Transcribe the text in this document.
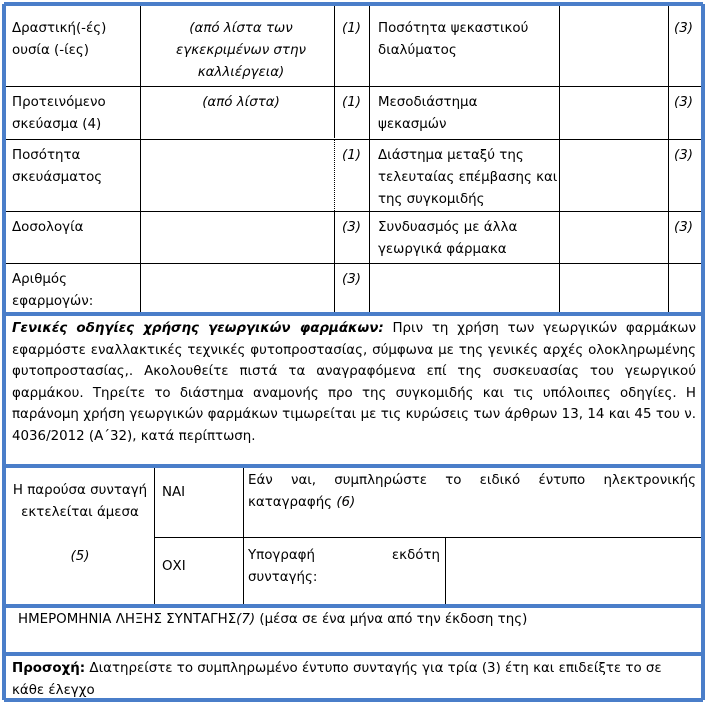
Δραστική(-ές) ουσία (-ίες)
(από λίστα των εγκεκριμένων στην καλλιέργεια)
(1) Ποσότητα ψεκαστικού διαλύματος
(3)
Προτεινόμενο σκεύασμα (4)
(από λίστα)	(1) Μεσοδιάστημα ψεκασμών
(3)
Ποσότητα σκευάσματος
(1) Διάστημα μεταξύ της τελευταίας επέμβασης και της συγκομιδής
(3)
Δοσολογία	(3) Συνδυασμός με άλλα γεωργικά φάρμακα
(3)
Αριθμός εφαρμογών:
(3)
Γενικές οδηγίες χρήσης γεωργικών φαρμάκων: Πριν τη χρήση των γεωργικών φαρμάκων εφαρμόστε εναλλακτικές τεχνικές φυτοπροστασίας, σύμφωνα με της γενικές αρχές ολοκληρωμένης φυτοπροστασίας,. Ακολουθείτε πιστά τα αναγραφόμενα επί της συσκευασίας του γεωργικού φαρμάκου. Τηρείτε το διάστημα αναμονής προ της συγκομιδής και τις υπόλοιπες οδηγίες. Η παράνομη χρήση γεωργικών φαρμάκων τιμωρείται με τις κυρώσεις των άρθρων 13, 14 και 45 του ν. 4036/2012 (Α΄32), κατά περίπτωση.
Η παρούσα συνταγή εκτελείται άμεσα
(5)
ΝΑΙ
Εάν ναι, συμπληρώστε το ειδικό έντυπο ηλεκτρονικής καταγραφής (6)
ΟΧΙ
Υπογραφή εκδότη συνταγής:
ΗΜΕΡΟΜΗΝΙΑ ΛΗΞΗΣ ΣΥΝΤΑΓΗΣ(7) (μέσα σε ένα μήνα από την έκδοση της)
Προσοχή: Διατηρείστε το συμπληρωμένο έντυπο συνταγής για τρία (3) έτη και επιδείξτε το σε κάθε έλεγχο
